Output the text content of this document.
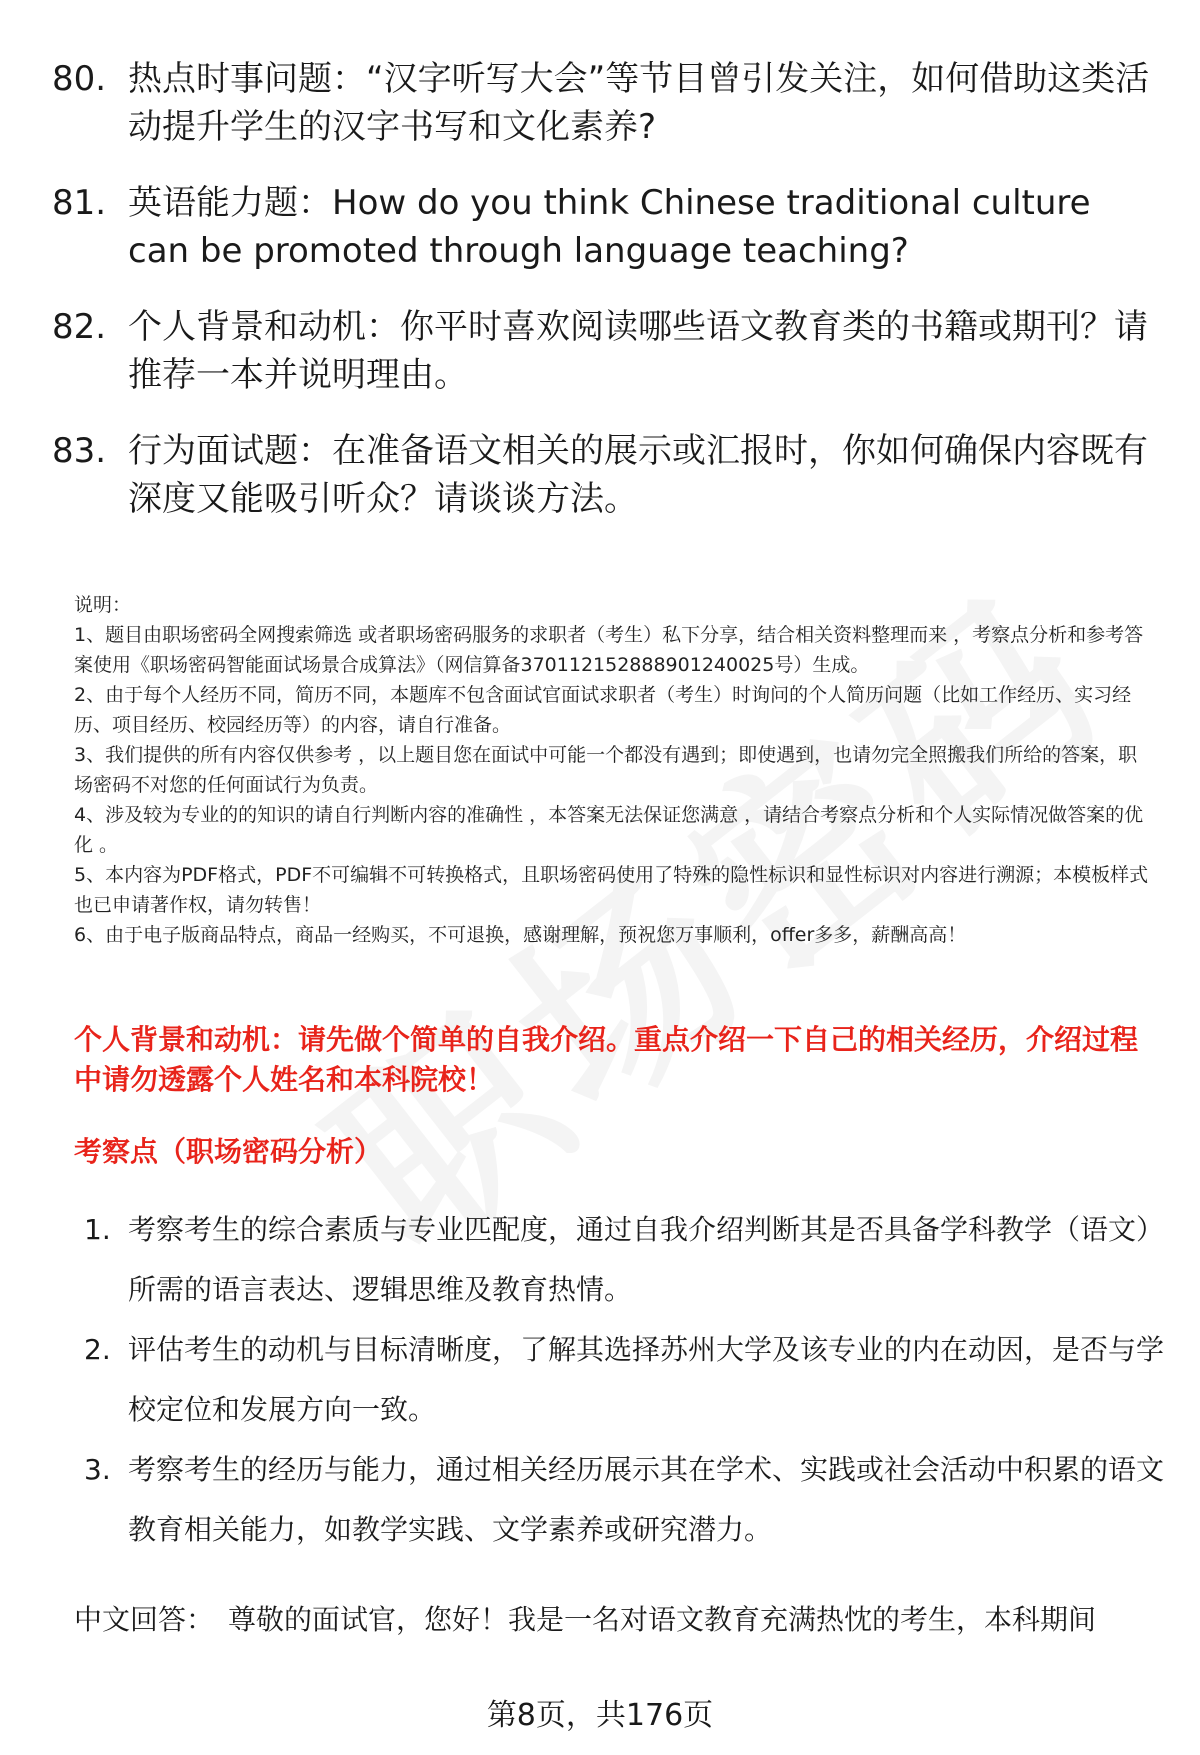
80. 热点时事问题：“汉字听写大会”等节目曾引发关注，如何借助这类活动提升学生的汉字书写和文化素养?
81. 英语能力题：How do you think Chinese traditional culture can be promoted through language teaching?
82. 个人背景和动机：你平时喜欢阅读哪些语文教育类的书籍或期刊？请推荐一本并说明理由。
83. 行为面试题：在准备语文相关的展示或汇报时，你如何确保内容既有深度又能吸引听众？请谈谈方法。

说明：

1、题目由职场密码全网搜索筛选 或者职场密码服务的求职者（考生）私下分享，结合相关资料整理而来 ，考察点分析和参考答案使用《职场密码智能面试场景合成算法》（网信算备370112152888901240025号）生成。

2、由于每个人经历不同，简历不同，本题库不包含面试官面试求职者（考生）时询问的个人简历问题（比如工作经历、实习经历、项目经历、校园经历等）的内容，请自行准备。

3、我们提供的所有内容仅供参考 ，以上题目您在面试中可能一个都没有遇到；即使遇到，也请勿完全照搬我们所给的答案，职场密码不对您的任何面试行为负责。

4、涉及较为专业的的知识的请自行判断内容的准确性 ，本答案无法保证您满意 ，请结合考察点分析和个人实际情况做答案的优化 。

5、本内容为PDF格式，PDF不可编辑不可转换格式，且职场密码使用了特殊的隐性标识和显性标识对内容进行溯源；本模板样式也已申请著作权，请勿转售！

6、由于电子版商品特点，商品一经购买，不可退换，感谢理解，预祝您万事顺利，offer多多，薪酬高高！

个人背景和动机：请先做个简单的自我介绍。重点介绍一下自己的相关经历，介绍过程中请勿透露个人姓名和本科院校！
考察点（职场密码分析）
1. 考察考生的综合素质与专业匹配度，通过自我介绍判断其是否具备学科教学（语文）所需的语言表达、逻辑思维及教育热情。
2. 评估考生的动机与目标清晰度，了解其选择苏州大学及该专业的内在动因，是否与学校定位和发展方向一致。
3. 考察考生的经历与能力，通过相关经历展示其在学术、实践或社会活动中积累的语文教育相关能力，如教学实践、文学素养或研究潜力。
中文回答： 尊敬的面试官，您好！我是一名对语文教育充满热忱的考生，本科期间
第8页，共176页
